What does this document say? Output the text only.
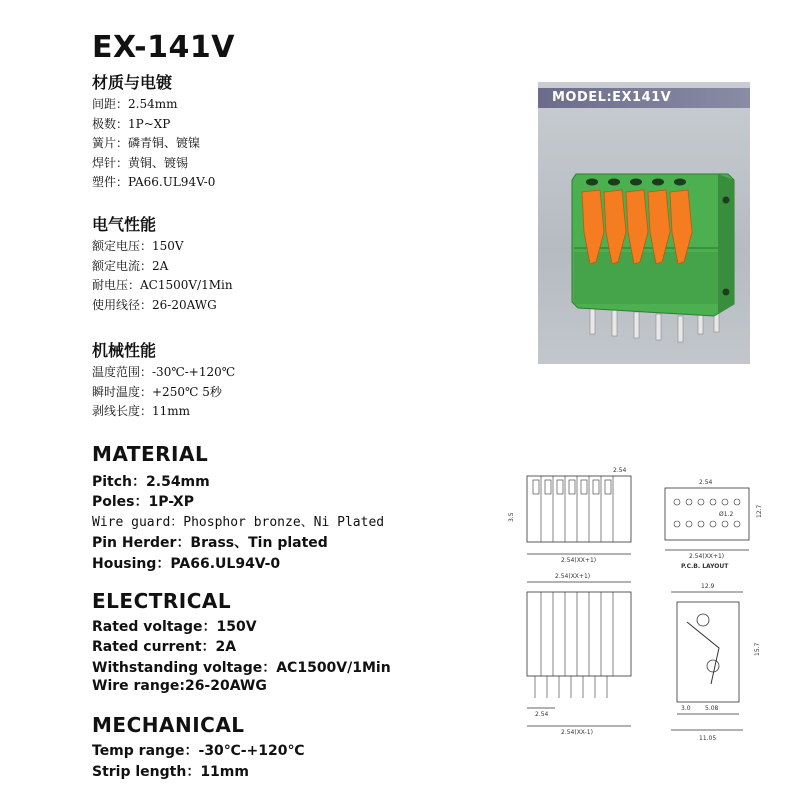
EX-141V
材质与电镀
间距：2.54mm
极数：1P~XP
簧片：磷青铜、镀镍
焊针：黄铜、镀锡
塑件：PA66.UL94V-0
电气性能
额定电压：150V
额定电流：2A
耐电压：AC1500V/1Min
使用线径：26-20AWG
机械性能
温度范围：-30℃-+120℃
瞬时温度：+250℃ 5秒
剥线长度：11mm
MATERIAL
Pitch：2.54mm
Poles：1P-XP
Wire guard：Phosphor bronze、Ni Plated
Pin Herder：Brass、Tin plated
Housing：PA66.UL94V-0
ELECTRICAL
Rated voltage：150V
Rated current：2A
Withstanding voltage：AC1500V/1Min
Wire range:26-20AWG
MECHANICAL
Temp range：-30℃-+120℃
Strip length：11mm
MODEL:EX141V
2.54(XX+1)
2.54
3.5
2.54
Ø1.2	12.7
2.54(XX+1)
P.C.B. LAYOUT
2.54(XX+1)
2.54
2.54(XX-1)
12.9
15.7
3.0 5.08
11.05
